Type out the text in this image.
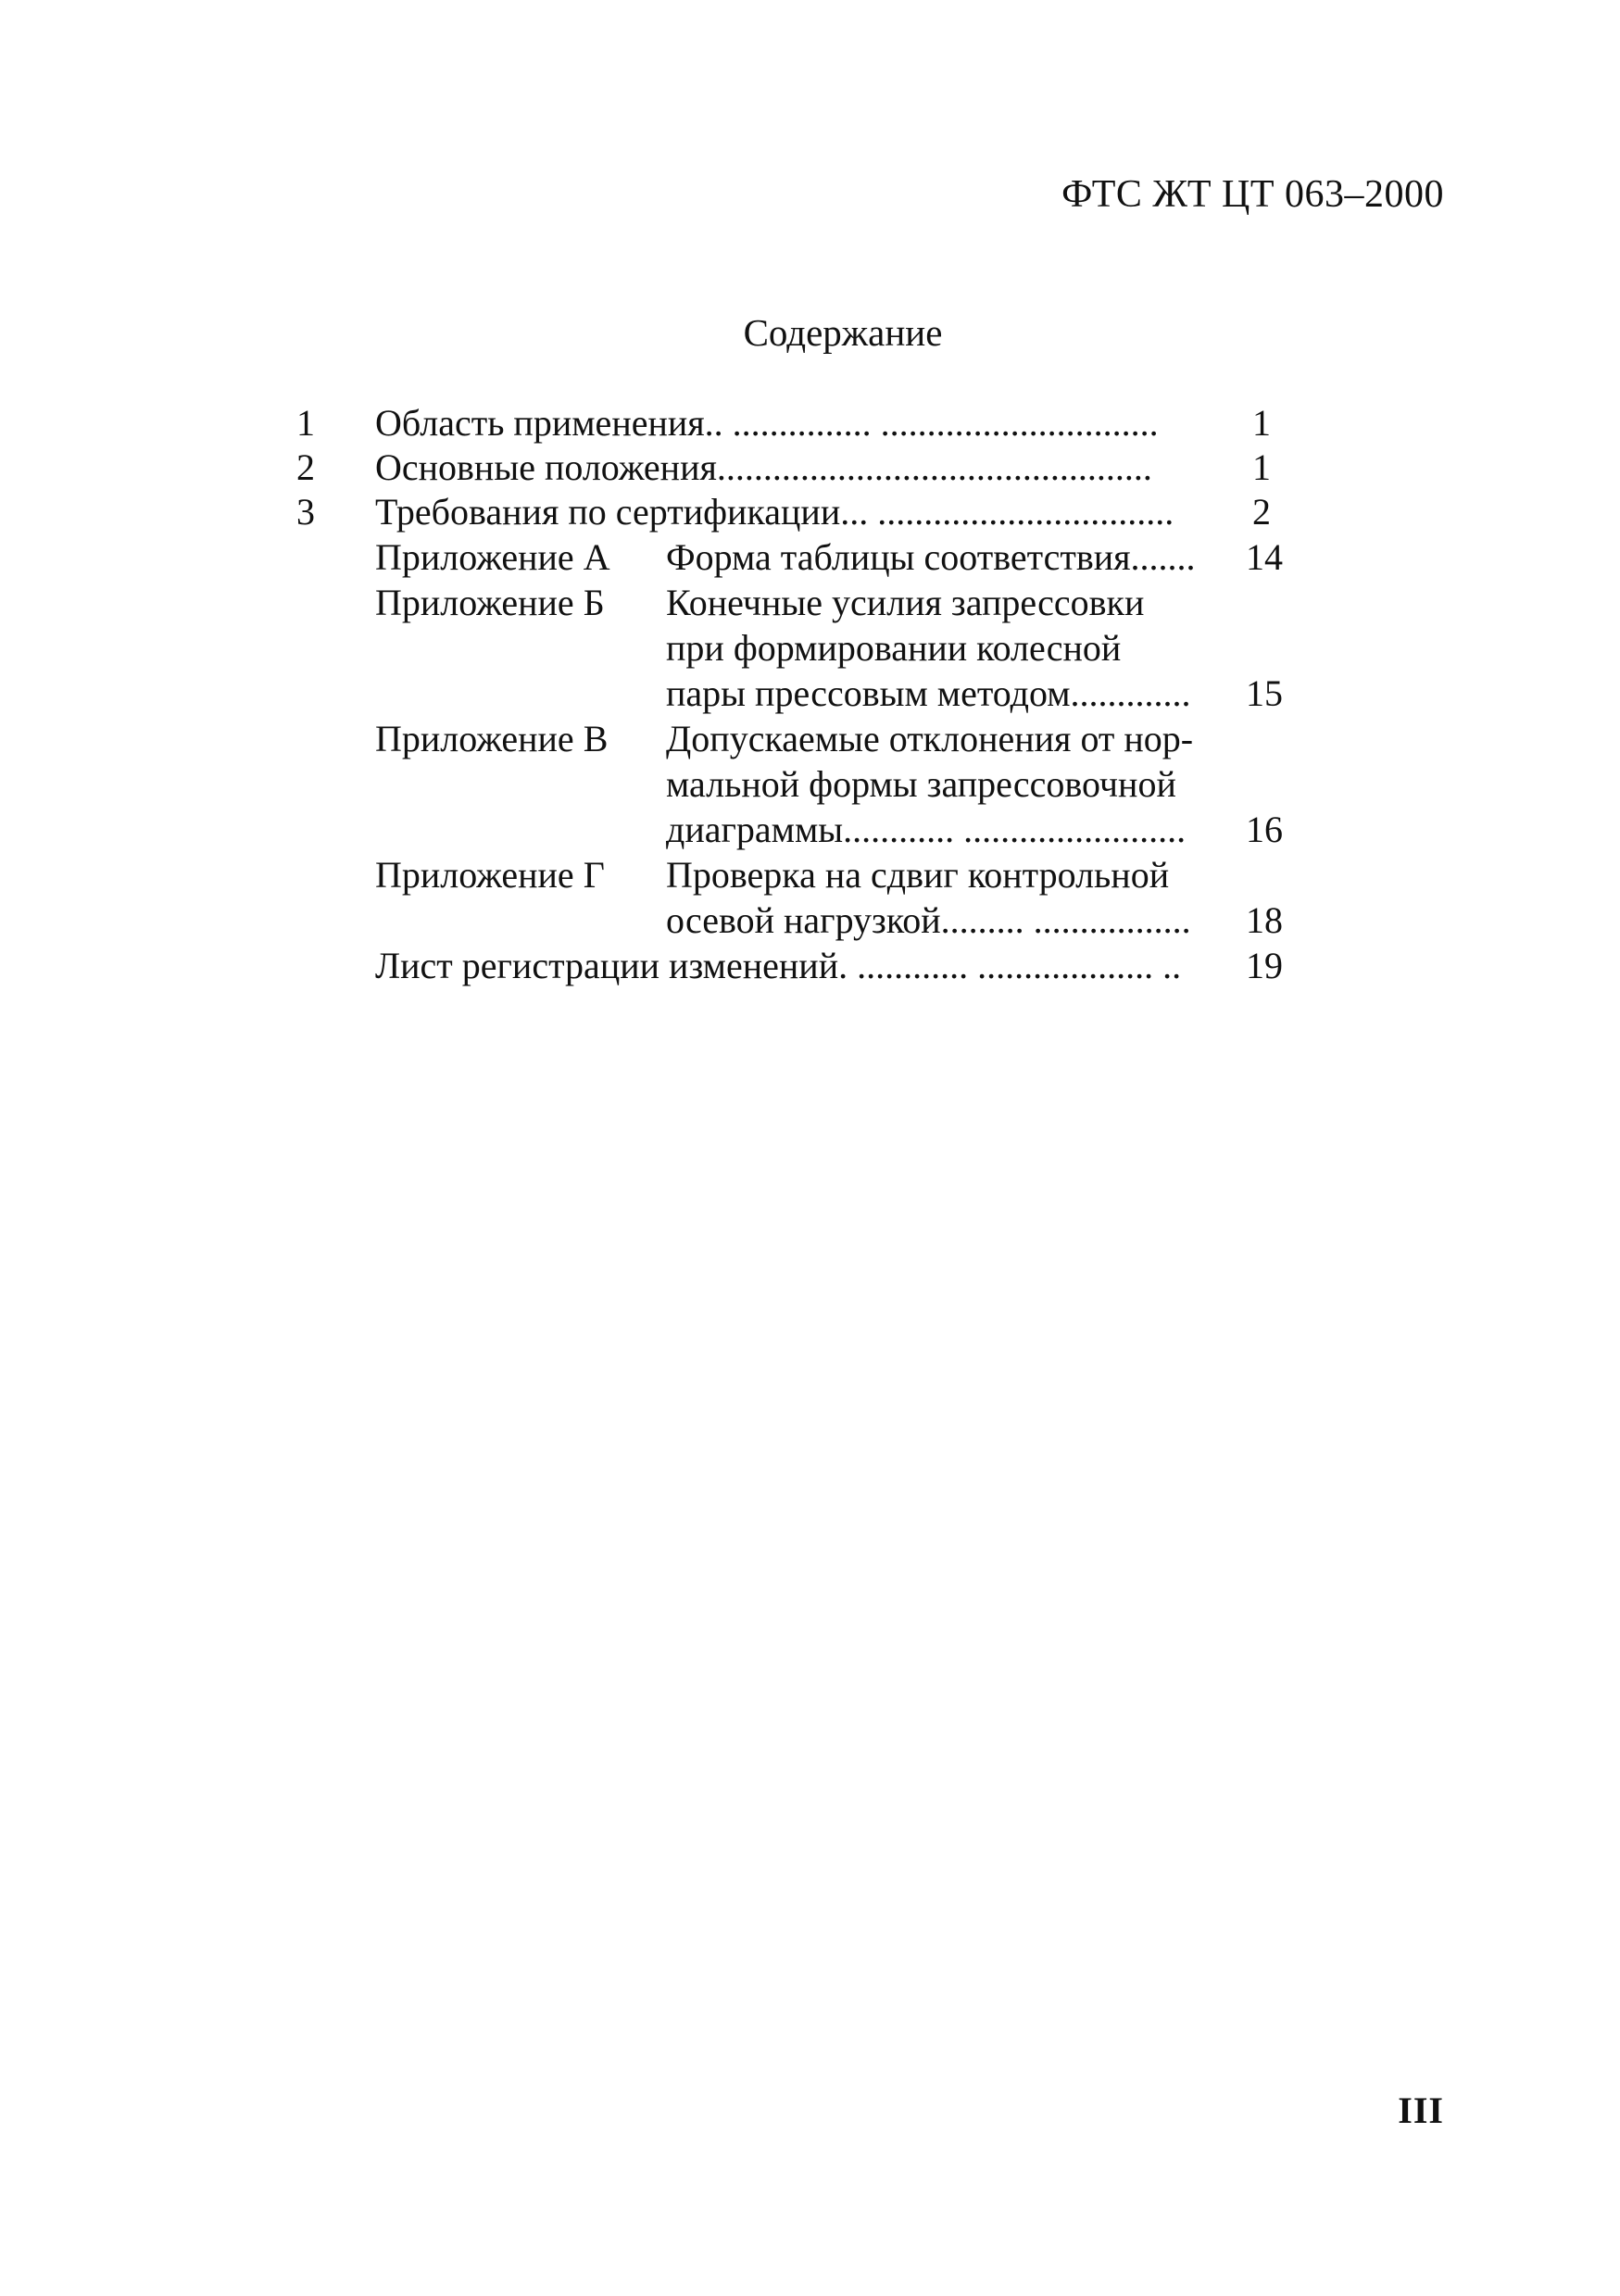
ФТС ЖТ ЦТ 063–2000
Содержание
1 Область применения.. ............... ..............................	1
2 Основные положения...............................................	1
3 Требования по сертификации... ................................ 2
Приложение А Форма таблицы соответствия....... 14
Приложение Б Конечные усилия запрессовки
при формировании колесной
пары прессовым методом............. 15
Приложение В Допускаемые отклонения от нор-
мальной формы запрессовочной
диаграммы............ ........................ 16
Приложение Г Проверка на сдвиг контрольной
осевой нагрузкой......... ................. 18
Лист регистрации изменений. ............ ................... .. 19
III
